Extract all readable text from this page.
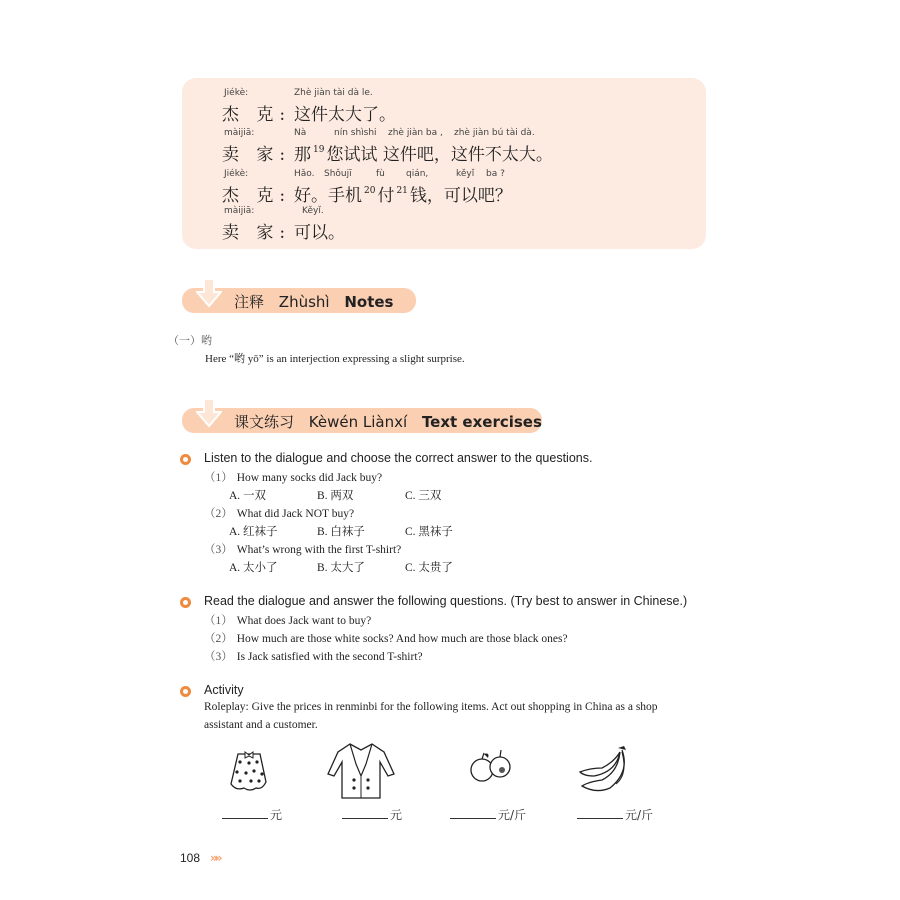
Jiékè:	Zhè jiàn tài dà le.
杰 克: 这件太大了。
màijiā:	Nà	nín shìshi zhè jiàn ba , zhè jiàn bú tài dà.
卖 家: 那 $^{19}$ 您试试 这件吧，这件不太大。
Jiékè:	Hǎo. Shǒujī	fù qián,	kěyǐ ba ?
杰 克: 好。手机 $^{20}$ 付 $^{21}$ 钱，可以吧？
màijiā:	Kěyǐ.
卖 家: 可以。
注释 Zhùshì Notes
（一）哟
Here “哟 yō” is an interjection expressing a slight surprise.
课文练习 Kèwén Liànxí Text exercises
Listen to the dialogue and choose the correct answer to the questions.
（1） How many socks did Jack buy?
A. 一双	B. 两双	C. 三双
（2） What did Jack NOT buy?
A. 红袜子	B. 白袜子	C. 黑袜子
（3） What’s wrong with the first T-shirt?
A. 太小了	B. 太大了	C. 太贵了
Read the dialogue and answer the following questions. (Try best to answer in Chinese.)
（1） What does Jack want to buy?
（2） How much are those white socks? And how much are those black ones?
（3） Is Jack satisfied with the second T-shirt?
Activity
Roleplay: Give the prices in renminbi for the following items. Act out shopping in China as a shop
assistant and a customer.
元	元	元/斤	元/斤
108 »»
